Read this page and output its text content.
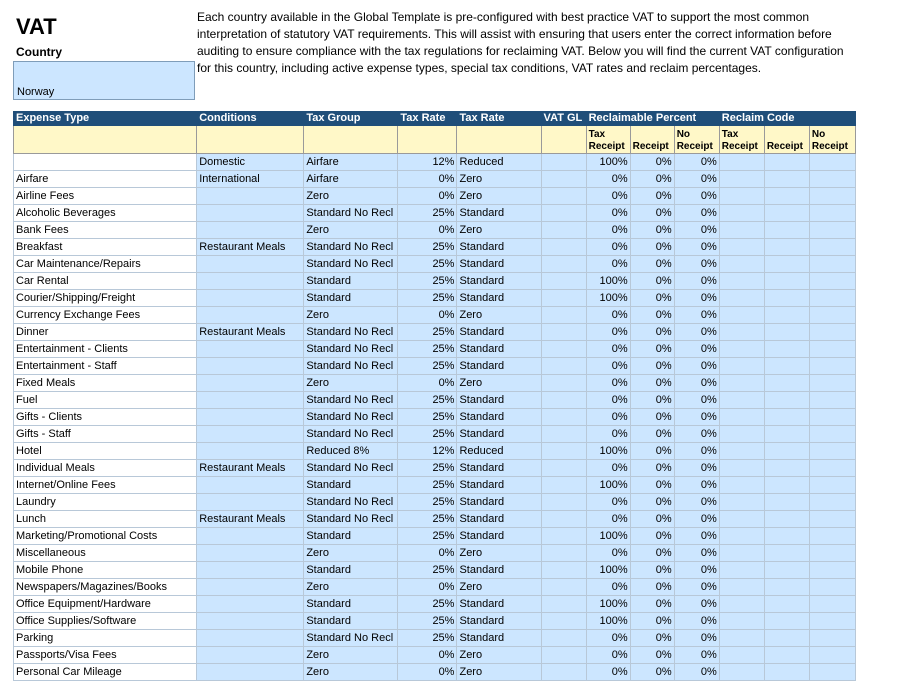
VAT
Country
Norway
Each country available in the Global Template is pre-configured with best practice VAT to support the most common interpretation of statutory VAT requirements. This will assist with ensuring that users enter the correct information before auditing to ensure compliance with the tax regulations for reclaiming VAT. Below you will find the current VAT configuration for this country, including active expense types, special tax conditions, VAT rates and reclaim percentages.
Expense Type	Conditions	Tax Group	Tax Rate	Tax Rate	VAT GL	Reclaimable Percent			Reclaim Code		
						Tax Receipt	Receipt	No Receipt	Tax Receipt	Receipt	No Receipt
	Domestic	Airfare	12%	Reduced		100%	0%	0%			
Airfare	International	Airfare	0%	Zero		0%	0%	0%			
Airline Fees		Zero	0%	Zero		0%	0%	0%			
Alcoholic Beverages		Standard No Recl	25%	Standard		0%	0%	0%			
Bank Fees		Zero	0%	Zero		0%	0%	0%			
Breakfast	Restaurant Meals	Standard No Recl	25%	Standard		0%	0%	0%			
Car Maintenance/Repairs		Standard No Recl	25%	Standard		0%	0%	0%			
Car Rental		Standard	25%	Standard		100%	0%	0%			
Courier/Shipping/Freight		Standard	25%	Standard		100%	0%	0%			
Currency Exchange Fees		Zero	0%	Zero		0%	0%	0%			
Dinner	Restaurant Meals	Standard No Recl	25%	Standard		0%	0%	0%			
Entertainment - Clients		Standard No Recl	25%	Standard		0%	0%	0%			
Entertainment - Staff		Standard No Recl	25%	Standard		0%	0%	0%			
Fixed Meals		Zero	0%	Zero		0%	0%	0%			
Fuel		Standard No Recl	25%	Standard		0%	0%	0%			
Gifts - Clients		Standard No Recl	25%	Standard		0%	0%	0%			
Gifts - Staff		Standard No Recl	25%	Standard		0%	0%	0%			
Hotel		Reduced 8%	12%	Reduced		100%	0%	0%			
Individual Meals	Restaurant Meals	Standard No Recl	25%	Standard		0%	0%	0%			
Internet/Online Fees		Standard	25%	Standard		100%	0%	0%			
Laundry		Standard No Recl	25%	Standard		0%	0%	0%			
Lunch	Restaurant Meals	Standard No Recl	25%	Standard		0%	0%	0%			
Marketing/Promotional Costs		Standard	25%	Standard		100%	0%	0%			
Miscellaneous		Zero	0%	Zero		0%	0%	0%			
Mobile Phone		Standard	25%	Standard		100%	0%	0%			
Newspapers/Magazines/Books		Zero	0%	Zero		0%	0%	0%			
Office Equipment/Hardware		Standard	25%	Standard		100%	0%	0%			
Office Supplies/Software		Standard	25%	Standard		100%	0%	0%			
Parking		Standard No Recl	25%	Standard		0%	0%	0%			
Passports/Visa Fees		Zero	0%	Zero		0%	0%	0%			
Personal Car Mileage		Zero	0%	Zero		0%	0%	0%			
